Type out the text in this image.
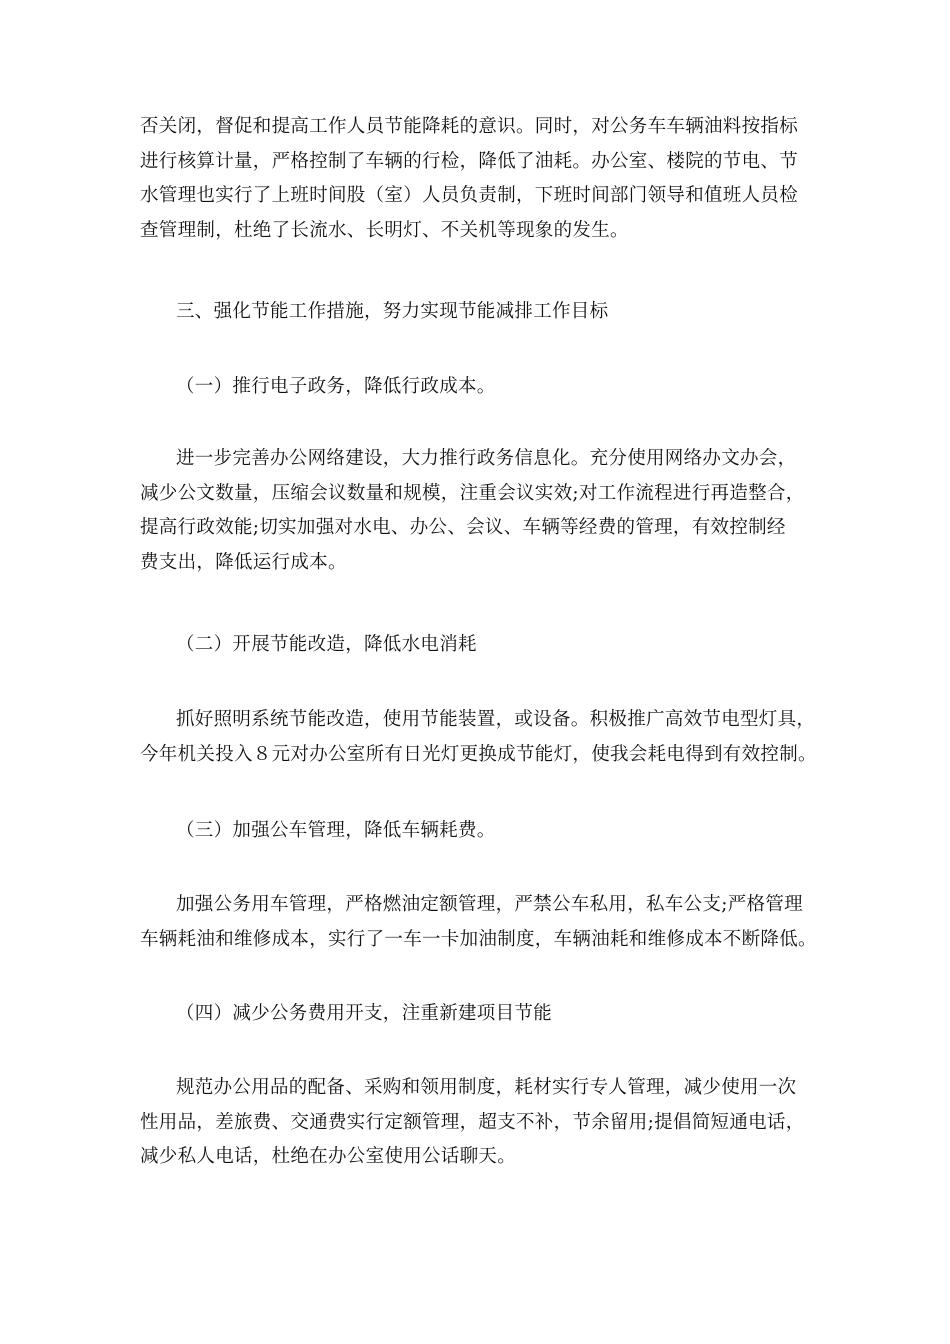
否关闭，督促和提高工作人员节能降耗的意识。同时，对公务车车辆油料按指标
进行核算计量，严格控制了车辆的行检，降低了油耗。办公室、楼院的节电、节
水管理也实行了上班时间股（室）人员负责制，下班时间部门领导和值班人员检
查管理制，杜绝了长流水、长明灯、不关机等现象的发生。

三、强化节能工作措施，努力实现节能减排工作目标

（一）推行电子政务，降低行政成本。

进一步完善办公网络建设，大力推行政务信息化。充分使用网络办文办会，
减少公文数量，压缩会议数量和规模，注重会议实效;对工作流程进行再造整合，
提高行政效能;切实加强对水电、办公、会议、车辆等经费的管理，有效控制经
费支出，降低运行成本。

（二）开展节能改造，降低水电消耗

抓好照明系统节能改造，使用节能装置，或设备。积极推广高效节电型灯具，
今年机关投入８元对办公室所有日光灯更换成节能灯，使我会耗电得到有效控制。

（三）加强公车管理，降低车辆耗费。

加强公务用车管理，严格燃油定额管理，严禁公车私用，私车公支;严格管理
车辆耗油和维修成本，实行了一车一卡加油制度，车辆油耗和维修成本不断降低。

（四）减少公务费用开支，注重新建项目节能

规范办公用品的配备、采购和领用制度，耗材实行专人管理，减少使用一次
性用品，差旅费、交通费实行定额管理，超支不补，节余留用;提倡简短通电话，
减少私人电话，杜绝在办公室使用公话聊天。
